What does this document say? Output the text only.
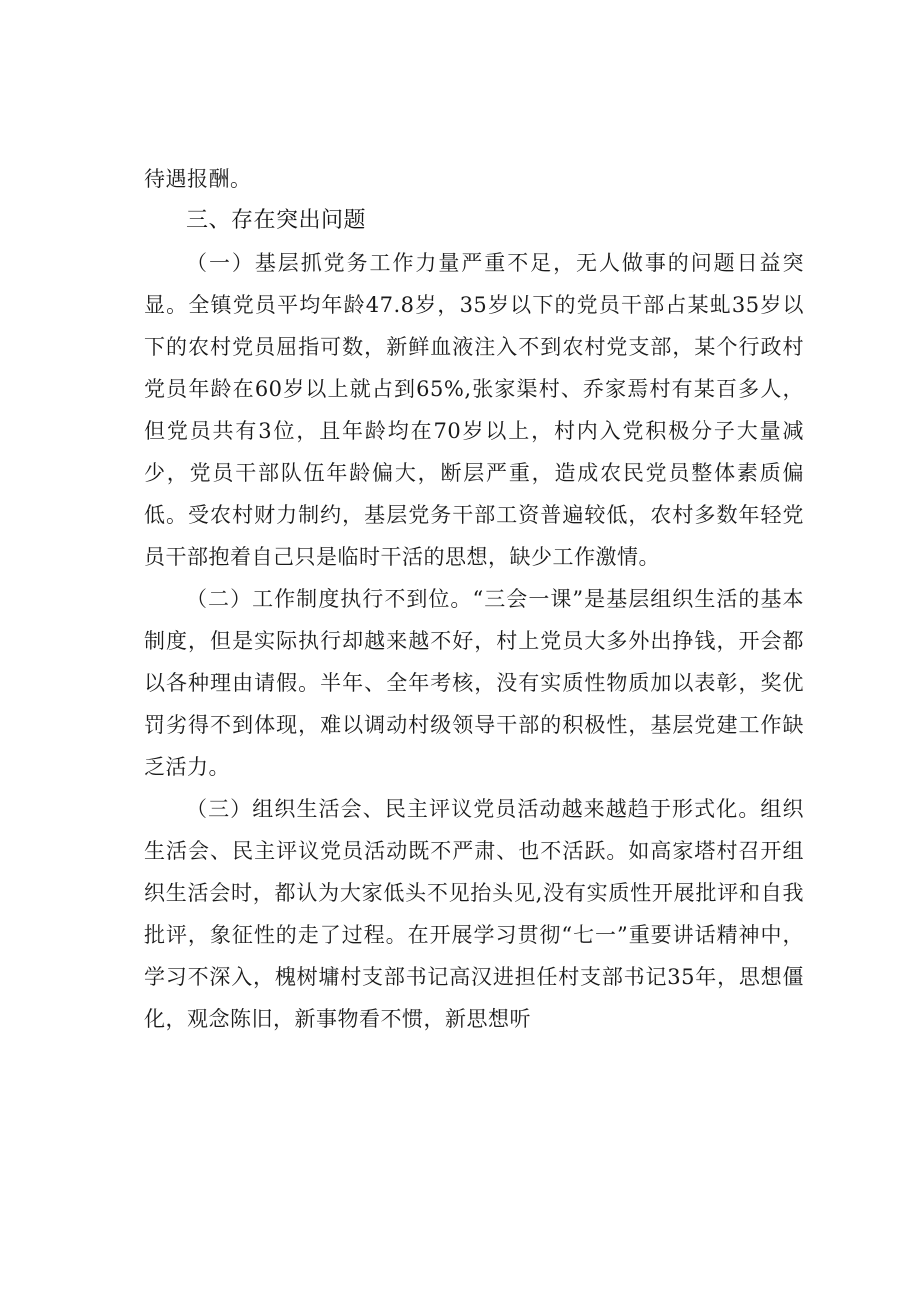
待遇报酬。

三、存在突出问题

（一）基层抓党务工作力量严重不足，无人做事的问题日益突显。全镇党员平均年龄47.8岁，35岁以下的党员干部占某虬35岁以下的农村党员屈指可数，新鲜血液注入不到农村党支部，某个行政村党员年龄在60岁以上就占到65%,张家渠村、乔家焉村有某百多人，但党员共有3位，且年龄均在70岁以上，村内入党积极分子大量减少，党员干部队伍年龄偏大，断层严重，造成农民党员整体素质偏低。受农村财力制约，基层党务干部工资普遍较低，农村多数年轻党员干部抱着自己只是临时干活的思想，缺少工作激情。

（二）工作制度执行不到位。“三会一课”是基层组织生活的基本制度，但是实际执行却越来越不好，村上党员大多外出挣钱，开会都以各种理由请假。半年、全年考核，没有实质性物质加以表彰，奖优罚劣得不到体现，难以调动村级领导干部的积极性，基层党建工作缺乏活力。

（三）组织生活会、民主评议党员活动越来越趋于形式化。组织生活会、民主评议党员活动既不严肃、也不活跃。如高家塔村召开组织生活会时，都认为大家低头不见抬头见,没有实质性开展批评和自我批评，象征性的走了过程。在开展学习贯彻“七一”重要讲话精神中，学习不深入，槐树墉村支部书记高汉进担任村支部书记35年，思想僵化，观念陈旧，新事物看不惯，新思想听
